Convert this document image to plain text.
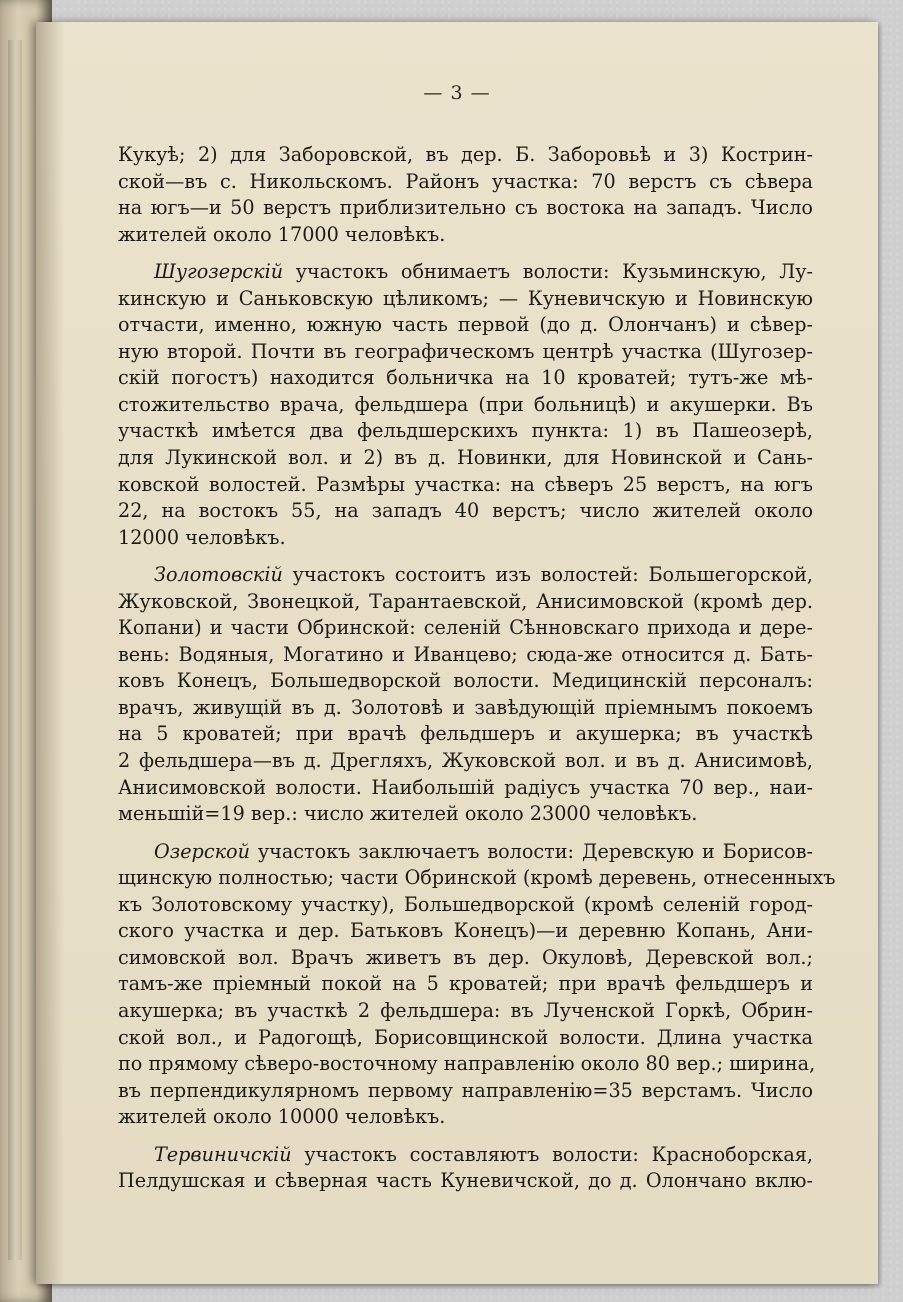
— 3 —
Кукуѣ; 2) для Заборовской, въ дер. Б. Заборовьѣ и 3) Кострин-
ской—въ с. Никольскомъ. Районъ участка: 70 верстъ съ сѣвера
на югъ—и 50 верстъ приблизительно съ востока на западъ. Число
жителей около 17000 человѣкъ.
Шугозерскій участокъ обнимаетъ волости: Кузьминскую, Лу-
кинскую и Саньковскую цѣликомъ; — Куневичскую и Новинскую
отчасти, именно, южную часть первой (до д. Олончанъ) и сѣвер-
ную второй. Почти въ географическомъ центрѣ участка (Шугозер-
скій погостъ) находится больничка на 10 кроватей; тутъ-же мѣ-
стожительство врача, фельдшера (при больницѣ) и акушерки. Въ
участкѣ имѣется два фельдшерскихъ пункта: 1) въ Пашеозерѣ,
для Лукинской вол. и 2) въ д. Новинки, для Новинской и Сань-
ковской волостей. Размѣры участка: на сѣверъ 25 верстъ, на югъ
22, на востокъ 55, на западъ 40 верстъ; число жителей около
12000 человѣкъ.
Золотовскій участокъ состоитъ изъ волостей: Большегорской,
Жуковской, Звонецкой, Тарантаевской, Анисимовской (кромѣ дер.
Копани) и части Обринской: селеній Сѣнновскаго прихода и дере-
вень: Водяныя, Могатино и Иванцево; сюда-же относится д. Бать-
ковъ Конецъ, Большедворской волости. Медицинскій персоналъ:
врачъ, живущій въ д. Золотовѣ и завѣдующій пріемнымъ покоемъ
на 5 кроватей; при врачѣ фельдшеръ и акушерка; въ участкѣ
2 фельдшера—въ д. Дрегляхъ, Жуковской вол. и въ д. Анисимовѣ,
Анисимовской волости. Наибольшій радіусъ участка 70 вер., наи-
меньшій=19 вер.: число жителей около 23000 человѣкъ.
Озерской участокъ заключаетъ волости: Деревскую и Борисов-
щинскую полностью; части Обринской (кромѣ деревень, отнесенныхъ
къ Золотовскому участку), Большедворской (кромѣ селеній город-
ского участка и дер. Батьковъ Конецъ)—и деревню Копань, Ани-
симовской вол. Врачъ живетъ въ дер. Окуловѣ, Деревской вол.;
тамъ-же пріемный покой на 5 кроватей; при врачѣ фельдшеръ и
акушерка; въ участкѣ 2 фельдшера: въ Лученской Горкѣ, Обрин-
ской вол., и Радогощѣ, Борисовщинской волости. Длина участка
по прямому сѣверо-восточному направленію около 80 вер.; ширина,
въ перпендикулярномъ первому направленію=35 верстамъ. Число
жителей около 10000 человѣкъ.
Тервиничскій участокъ составляютъ волости: Красноборская,
Пелдушская и сѣверная часть Куневичской, до д. Олончано вклю-
